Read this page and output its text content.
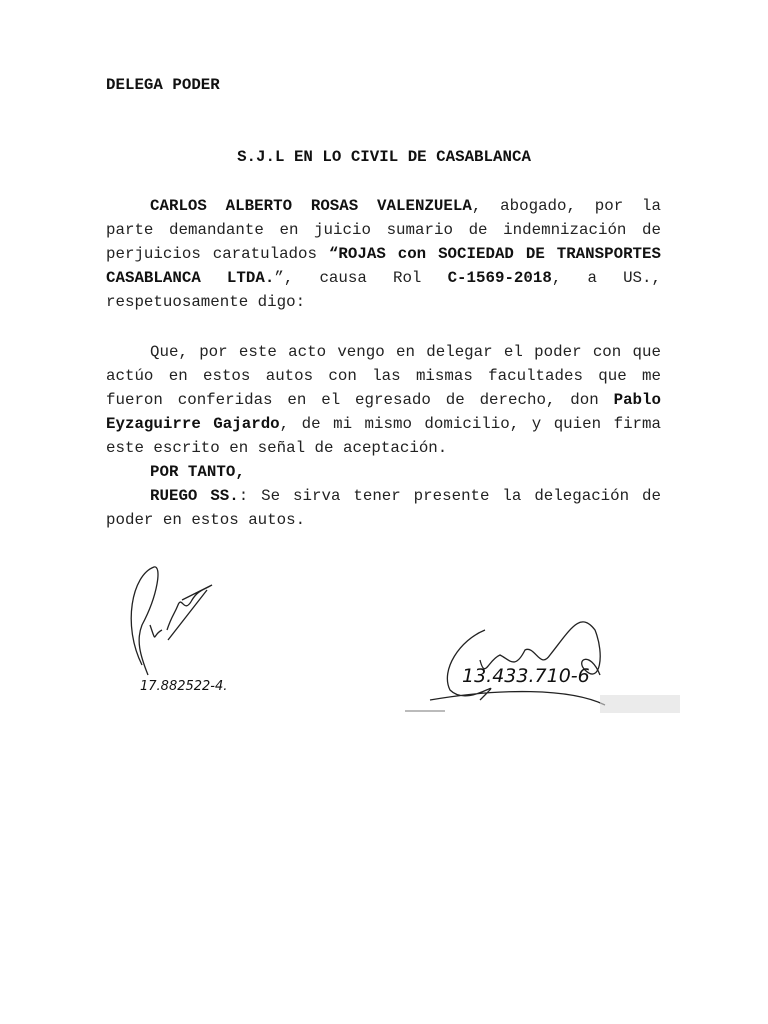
DELEGA PODER
S.J.L EN LO CIVIL DE CASABLANCA
CARLOS ALBERTO ROSAS VALENZUELA, abogado, por la
parte demandante en juicio sumario de indemnización de
perjuicios caratulados “ROJAS con SOCIEDAD DE TRANSPORTES
CASABLANCA LTDA.”, causa Rol C-1569-2018, a US.,
respetuosamente digo:
Que, por este acto vengo en delegar el poder con que
actúo en estos autos con las mismas facultades que me
fueron conferidas en el egresado de derecho, don Pablo
Eyzaguirre Gajardo, de mi mismo domicilio, y quien firma
este escrito en señal de aceptación.
POR TANTO,
RUEGO SS.: Se sirva tener presente la delegación de
poder en estos autos.
17.882522-4.	13.433.710-6
